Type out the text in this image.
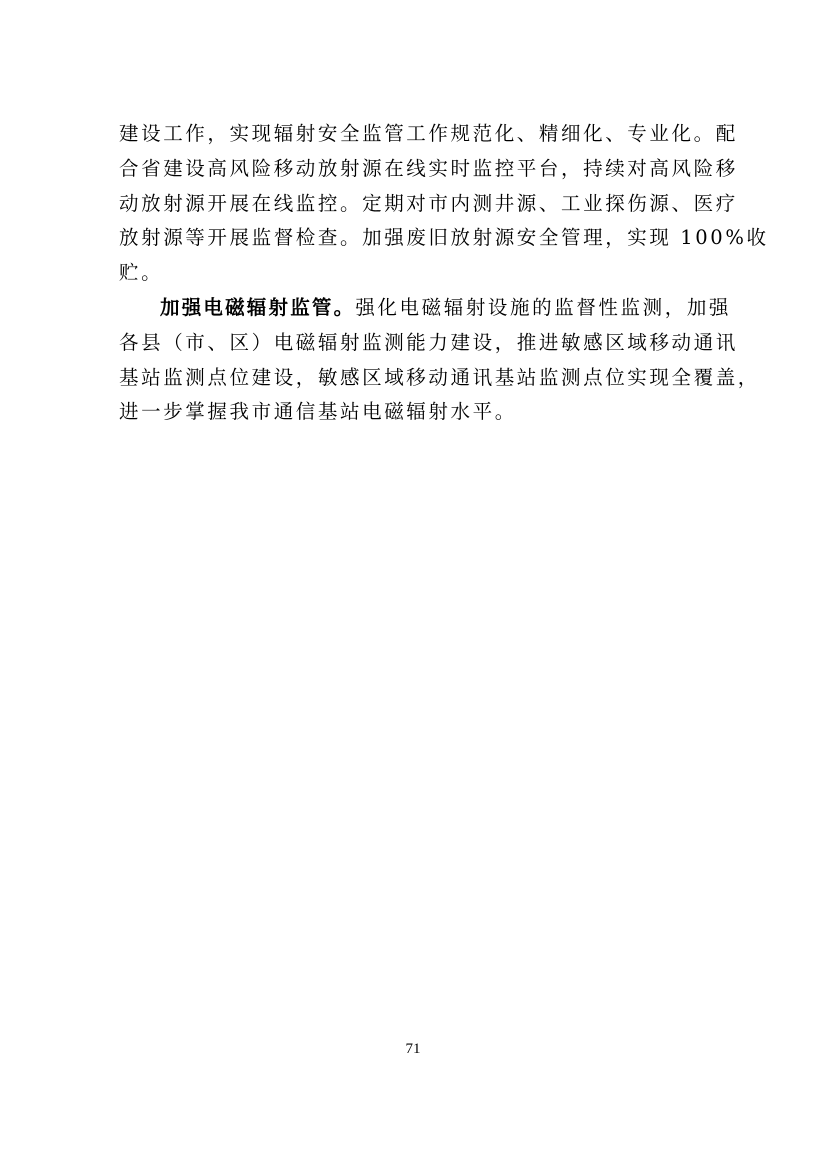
建设工作，实现辐射安全监管工作规范化、精细化、专业化。配
合省建设高风险移动放射源在线实时监控平台，持续对高风险移
动放射源开展在线监控。定期对市内测井源、工业探伤源、医疗
放射源等开展监督检查。加强废旧放射源安全管理，实现 100%收
贮。
加强电磁辐射监管。强化电磁辐射设施的监督性监测，加强
各县（市、区）电磁辐射监测能力建设，推进敏感区域移动通讯
基站监测点位建设，敏感区域移动通讯基站监测点位实现全覆盖，
进一步掌握我市通信基站电磁辐射水平。
71
